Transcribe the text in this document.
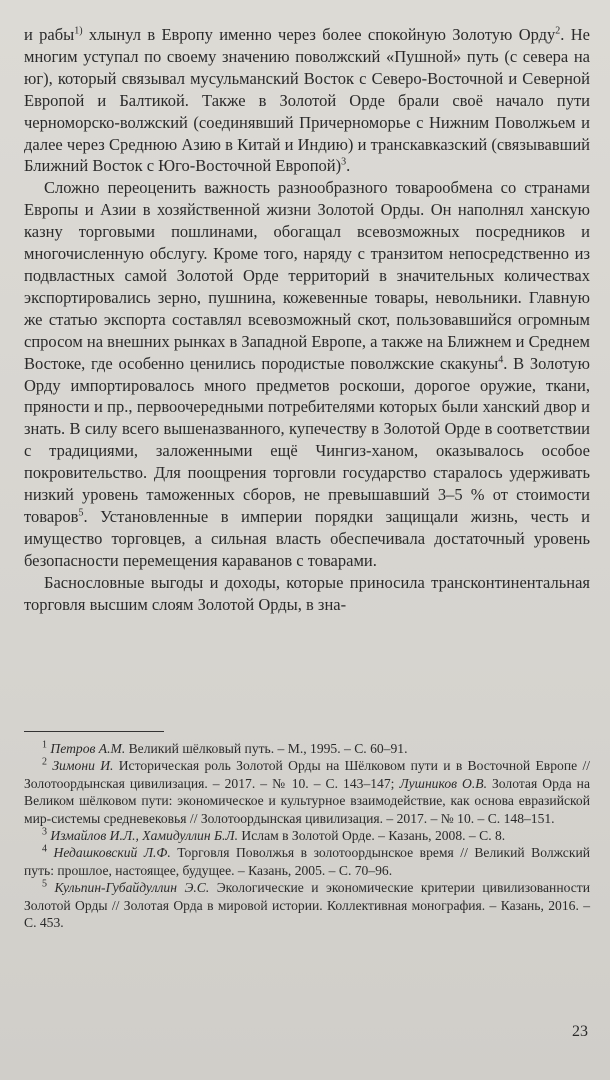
и рабы$^{1)}$ хлынул в Европу именно через более спокойную Золотую Орду$^2$. Не многим уступал по своему значению поволжский «Пушной» путь (с севера на юг), который связывал мусульманский Восток с Северо-Восточной и Северной Европой и Балтикой. Также в Золотой Орде брали своё начало пути черноморско-волжский (соединявший Причерноморье с Нижним Поволжьем и далее через Среднюю Азию в Китай и Индию) и транскавказский (связывавший Ближний Восток с Юго-Восточной Европой)$^3$.

Сложно переоценить важность разнообразного товарообмена со странами Европы и Азии в хозяйственной жизни Золотой Орды. Он наполнял ханскую казну торговыми пошлинами, обогащал всевозможных посредников и многочисленную обслугу. Кроме того, наряду с транзитом непосредственно из подвластных самой Золотой Орде территорий в значительных количествах экспортировались зерно, пушнина, кожевенные товары, невольники. Главную же статью экспорта составлял всевозможный скот, пользовавшийся огромным спросом на внешних рынках в Западной Европе, а также на Ближнем и Среднем Востоке, где особенно ценились породистые поволжские скакуны$^4$. В Золотую Орду импортировалось много предметов роскоши, дорогое оружие, ткани, пряности и пр., первоочередными потребителями которых были ханский двор и знать. В силу всего вышеназванного, купечеству в Золотой Орде в соответствии с традициями, заложенными ещё Чингиз-ханом, оказывалось особое покровительство. Для поощрения торговли государство старалось удерживать низкий уровень таможенных сборов, не превышавший 3–5 % от стоимости товаров$^5$. Установленные в империи порядки защищали жизнь, честь и имущество торговцев, а сильная власть обеспечивала достаточный уровень безопасности перемещения караванов с товарами.

Баснословные выгоды и доходы, которые приносила трансконтинентальная торговля высшим слоям Золотой Орды, в зна-

$^1$ Петров А.М. Великий шёлковый путь. – М., 1995. – С. 60–91.

$^2$ Зимони И. Историческая роль Золотой Орды на Шёлковом пути и в Восточной Европе // Золотоордынская цивилизация. – 2017. – № 10. – С. 143–147; Лушников О.В. Золотая Орда на Великом шёлковом пути: экономическое и культурное взаимодействие, как основа евразийской мир-системы средневековья // Золотоордынская цивилизация. – 2017. – № 10. – С. 148–151.

$^3$ Измайлов И.Л., Хамидуллин Б.Л. Ислам в Золотой Орде. – Казань, 2008. – С. 8.

$^4$ Недашковский Л.Ф. Торговля Поволжья в золотоордынское время // Великий Волжский путь: прошлое, настоящее, будущее. – Казань, 2005. – С. 70–96.

$^5$ Кульпин-Губайдуллин Э.С. Экологические и экономические критерии цивилизованности Золотой Орды // Золотая Орда в мировой истории. Коллективная монография. – Казань, 2016. – С. 453.

23
